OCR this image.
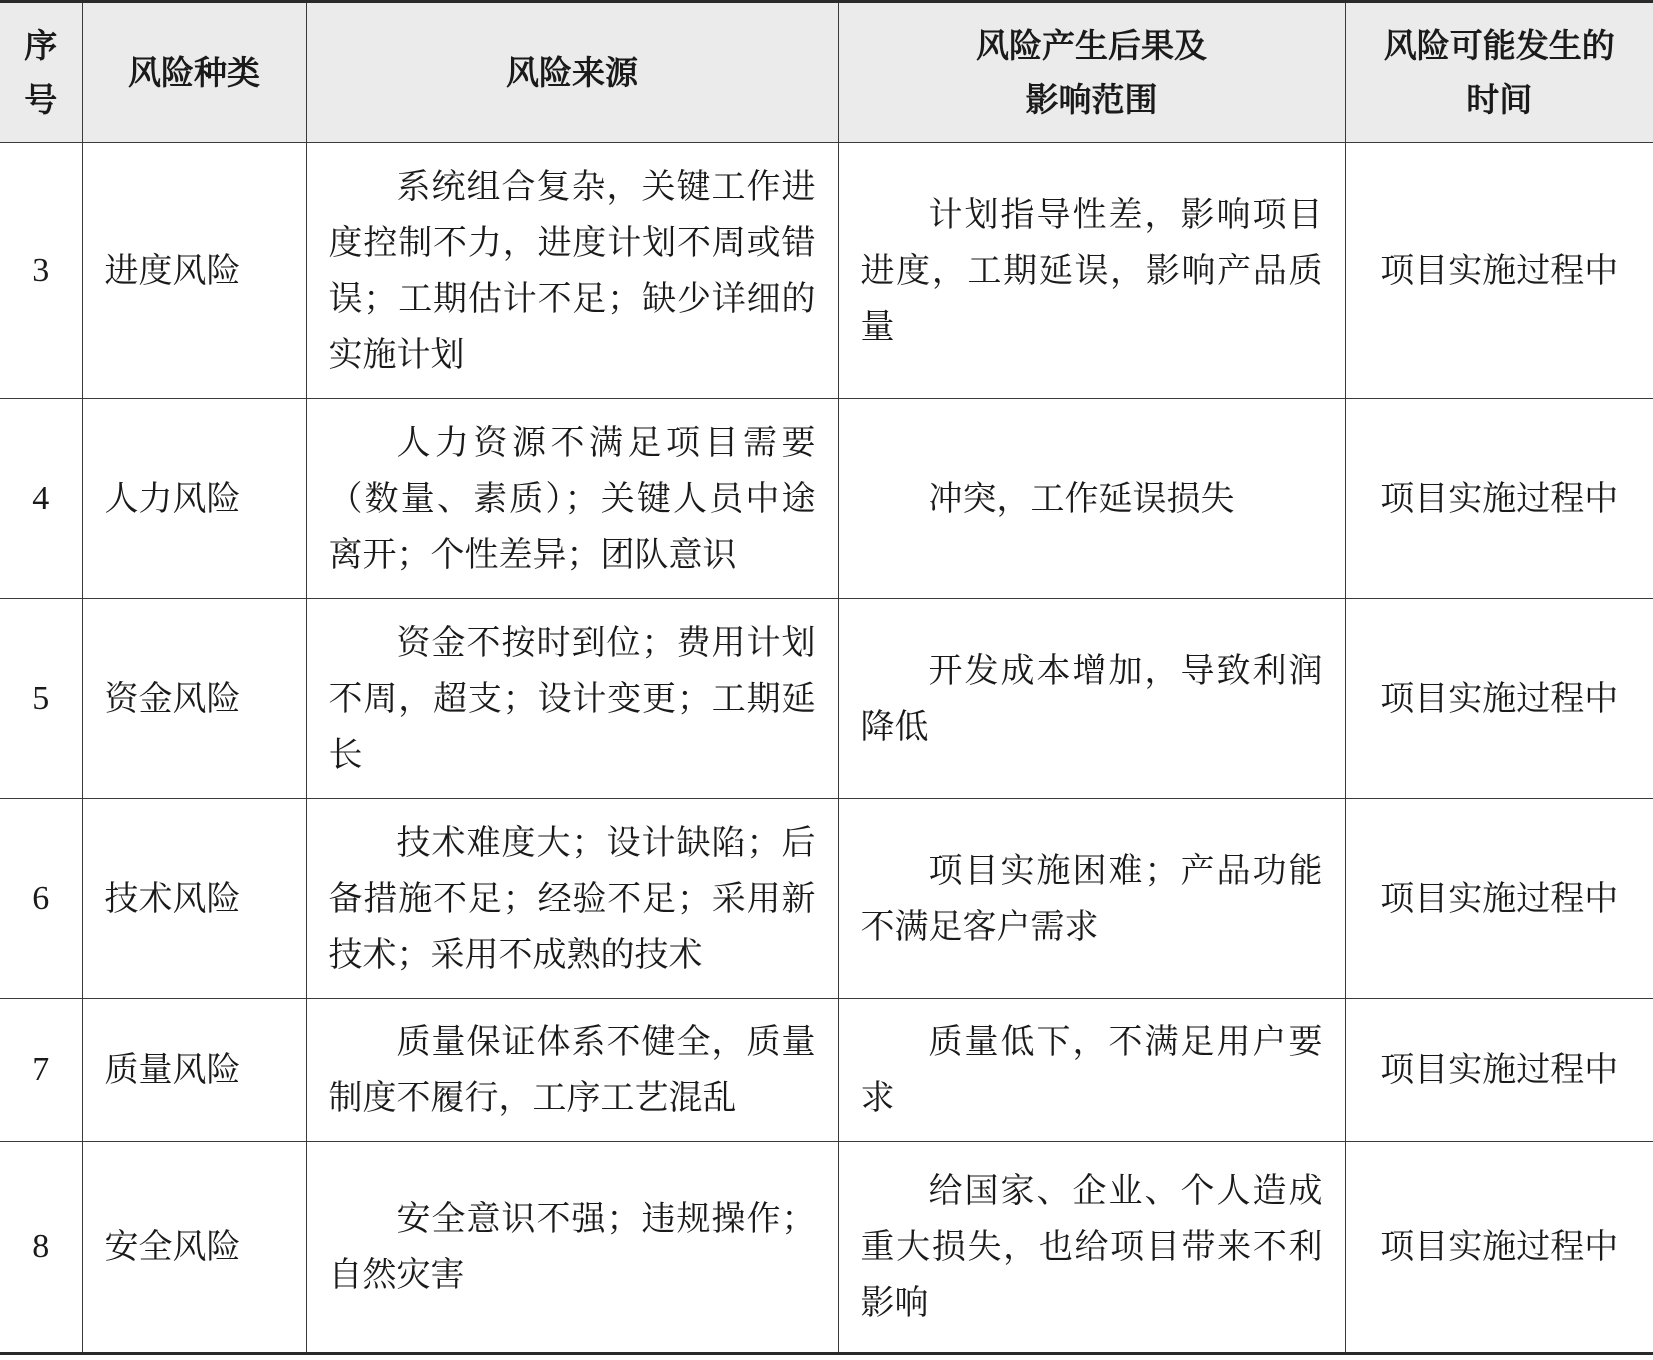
序号	风险种类	风险来源	风险产生后果及影响范围	风险可能发生的时间
3	进度风险	系统组合复杂，关键工作进度控制不力，进度计划不周或错误；工期估计不足；缺少详细的实施计划	计划指导性差，影响项目进度，工期延误，影响产品质量	项目实施过程中
4	人力风险	人力资源不满足项目需要（数量、素质）；关键人员中途离开；个性差异；团队意识	冲突，工作延误损失	项目实施过程中
5	资金风险	资金不按时到位；费用计划不周，超支；设计变更；工期延长	开发成本增加，导致利润降低	项目实施过程中
6	技术风险	技术难度大；设计缺陷；后备措施不足；经验不足；采用新技术；采用不成熟的技术	项目实施困难；产品功能不满足客户需求	项目实施过程中
7	质量风险	质量保证体系不健全，质量制度不履行，工序工艺混乱	质量低下，不满足用户要求	项目实施过程中
8	安全风险	安全意识不强；违规操作；自然灾害	给国家、企业、个人造成重大损失，也给项目带来不利影响	项目实施过程中
